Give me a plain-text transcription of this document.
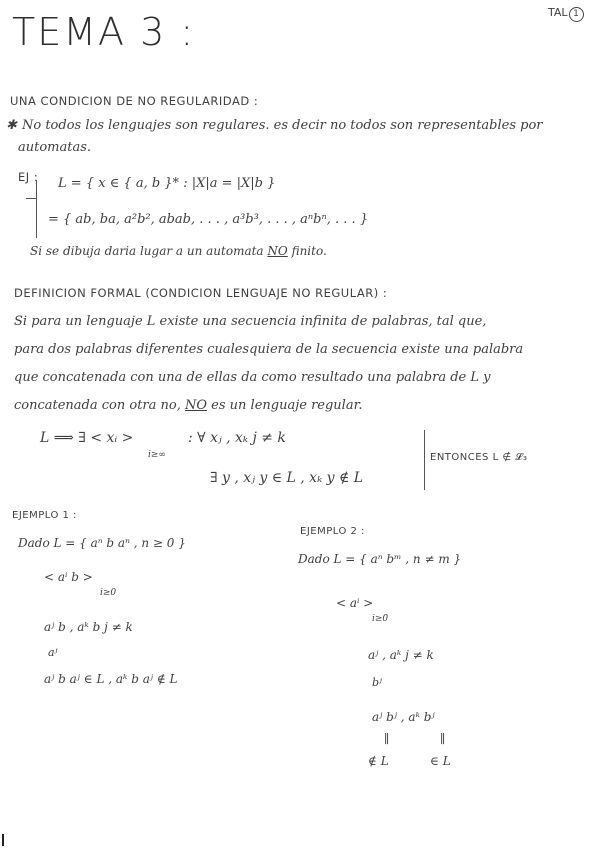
TEMA 3 :	TAL 1
UNA CONDICION DE NO REGULARIDAD :
✱ No todos los lenguajes son regulares. es decir no todos son representables por
automatas.
EJ : L = { x ∈ { a, b }* : |X|a = |X|b }
= { ab, ba, a²b², abab, . . . , a³b³, . . . , aⁿbⁿ, . . . }
Si se dibuja daria lugar a un automata NO finito.
DEFINICION FORMAL (CONDICION LENGUAJE NO REGULAR) :
Si para un lenguaje L existe una secuencia infinita de palabras, tal que,
para dos palabras diferentes cualesquiera de la secuencia existe una palabra
que concatenada con una de ellas da como resultado una palabra de L y
concatenada con otra no, NO es un lenguaje regular.
L ⟹ ∃ < xᵢ >
i≥∞
: ∀ xⱼ , xₖ j ≠ k
∃ y , xⱼ y ∈ L , xₖ y ∉ L
ENTONCES L ∉ 𝓛₃
EJEMPLO 1 :
Dado L = { aⁿ b aⁿ , n ≥ 0 }
< aⁱ b >
i≥0
aʲ b , aᵏ b j ≠ k
aʲ
aʲ b aʲ ∈ L , aᵏ b aʲ ∉ L
EJEMPLO 2 :
Dado L = { aⁿ bᵐ , n ≠ m }
< aⁱ >
i≥0
aʲ , aᵏ j ≠ k
bʲ
aʲ bʲ , aᵏ bʲ
∥	∥
∉ L	∈ L
